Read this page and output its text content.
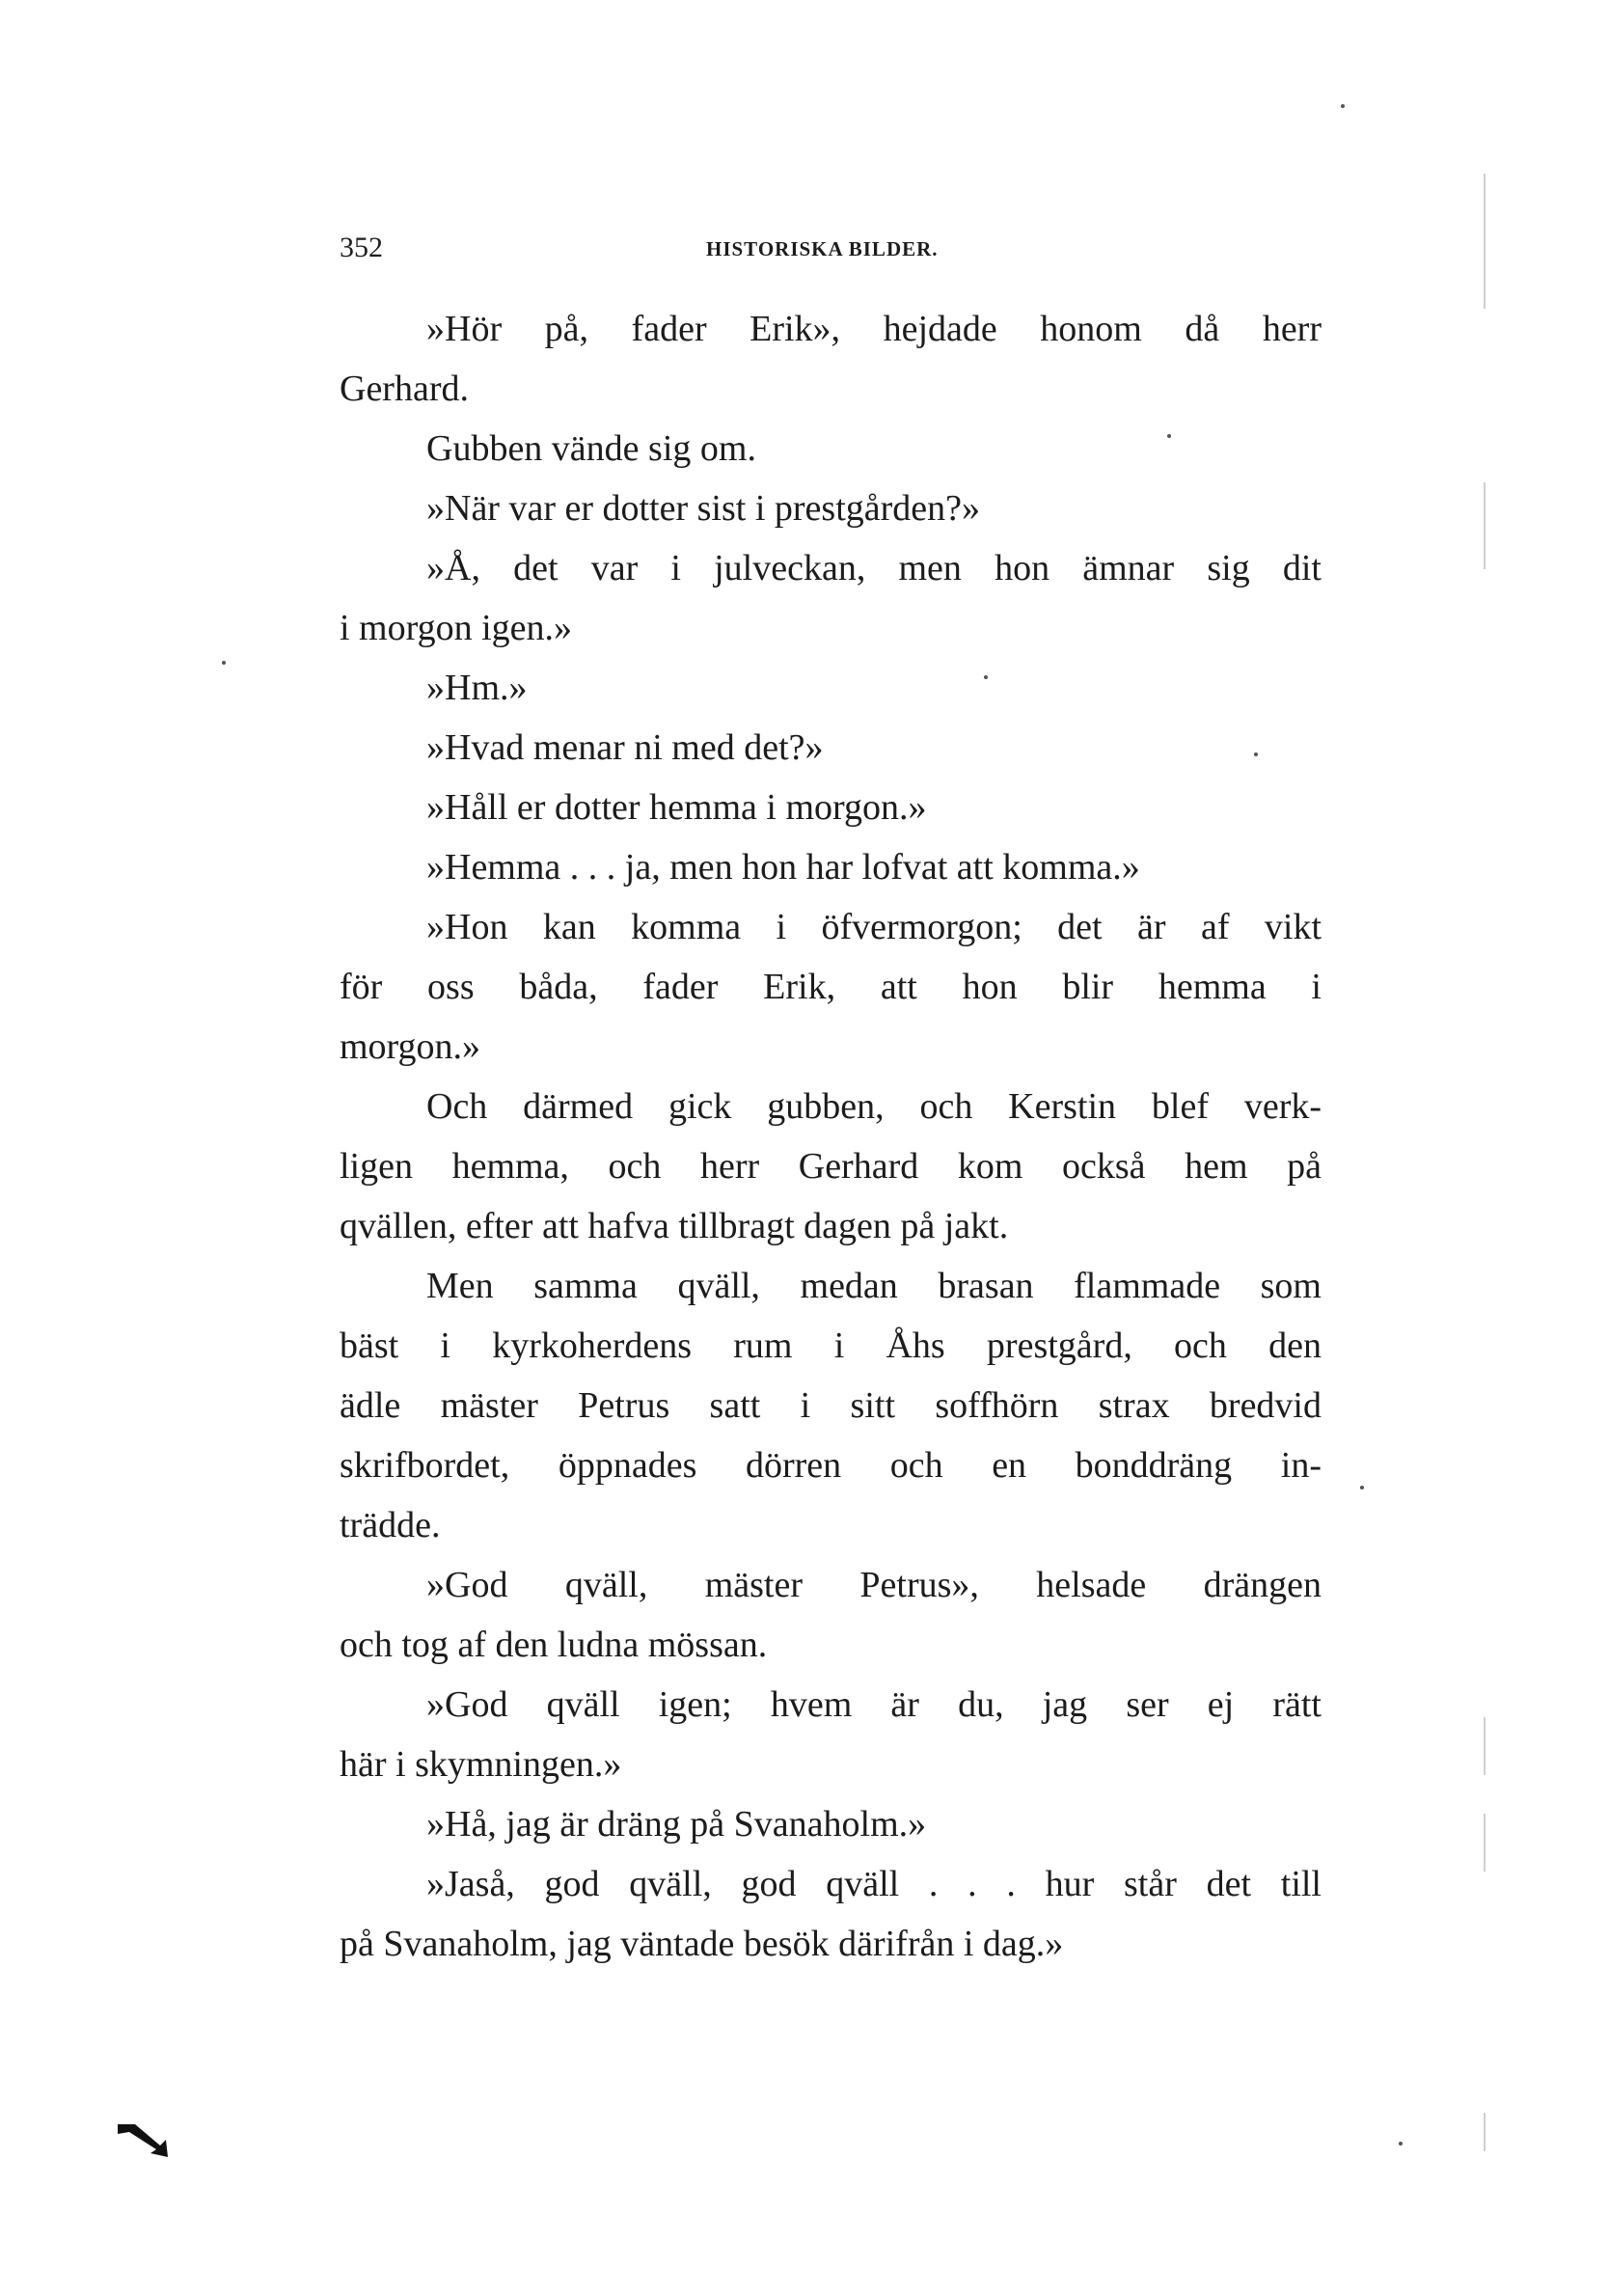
352	HISTORISKA BILDER.
»Hör på, fader Erik», hejdade honom då herr
Gerhard.
Gubben vände sig om.
»När var er dotter sist i prestgården?»
»Å, det var i julveckan, men hon ämnar sig dit
i morgon igen.»
»Hm.»
»Hvad menar ni med det?»
»Håll er dotter hemma i morgon.»
»Hemma . . . ja, men hon har lofvat att komma.»
»Hon kan komma i öfvermorgon; det är af vikt
för oss båda, fader Erik, att hon blir hemma i
morgon.»
Och därmed gick gubben, och Kerstin blef verk-
ligen hemma, och herr Gerhard kom också hem på
qvällen, efter att hafva tillbragt dagen på jakt.
Men samma qväll, medan brasan flammade som
bäst i kyrkoherdens rum i Åhs prestgård, och den
ädle mäster Petrus satt i sitt soffhörn strax bredvid
skrifbordet, öppnades dörren och en bonddräng in-
trädde.
»God qväll, mäster Petrus», helsade drängen
och tog af den ludna mössan.
»God qväll igen; hvem är du, jag ser ej rätt
här i skymningen.»
»Hå, jag är dräng på Svanaholm.»
»Jaså, god qväll, god qväll . . . hur står det till
på Svanaholm, jag väntade besök därifrån i dag.»
